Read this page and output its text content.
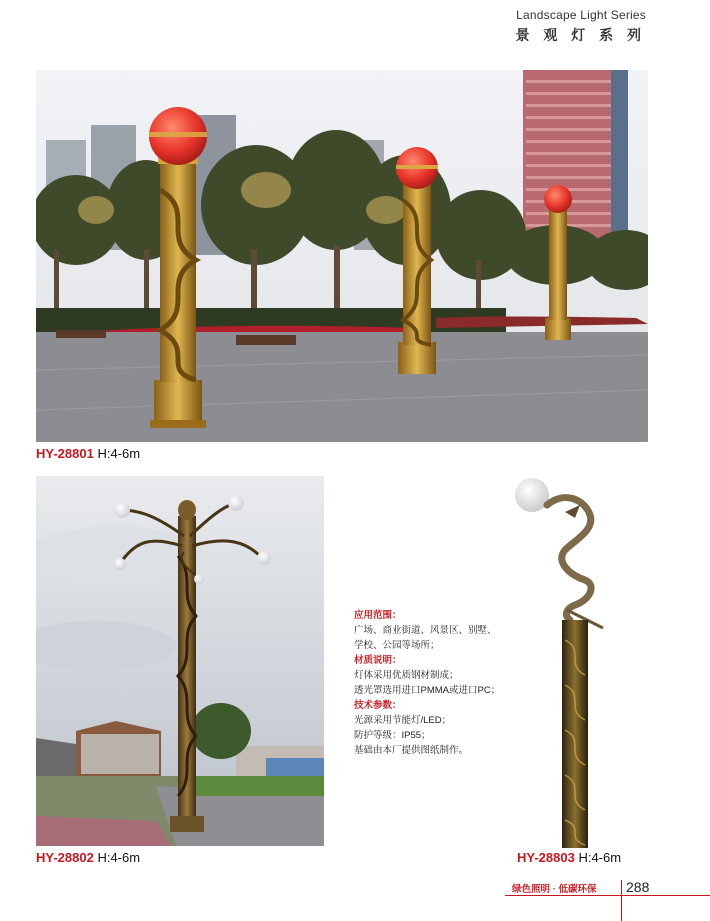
Landscape Light Series
景 观 灯 系 列
HY-28801 H:4-6m
HY-28802 H:4-6m
应用范围：
广场、商业街道、风景区、别墅、
学校、公园等场所；
材质说明：
灯体采用优质钢材制成；
透光罩选用进口PMMA或进口PC；
技术参数：
光源采用节能灯/LED；
防护等级：IP55；
基础由本厂提供图纸制作。
HY-28803 H:4-6m
绿色照明 · 低碳环保 288
